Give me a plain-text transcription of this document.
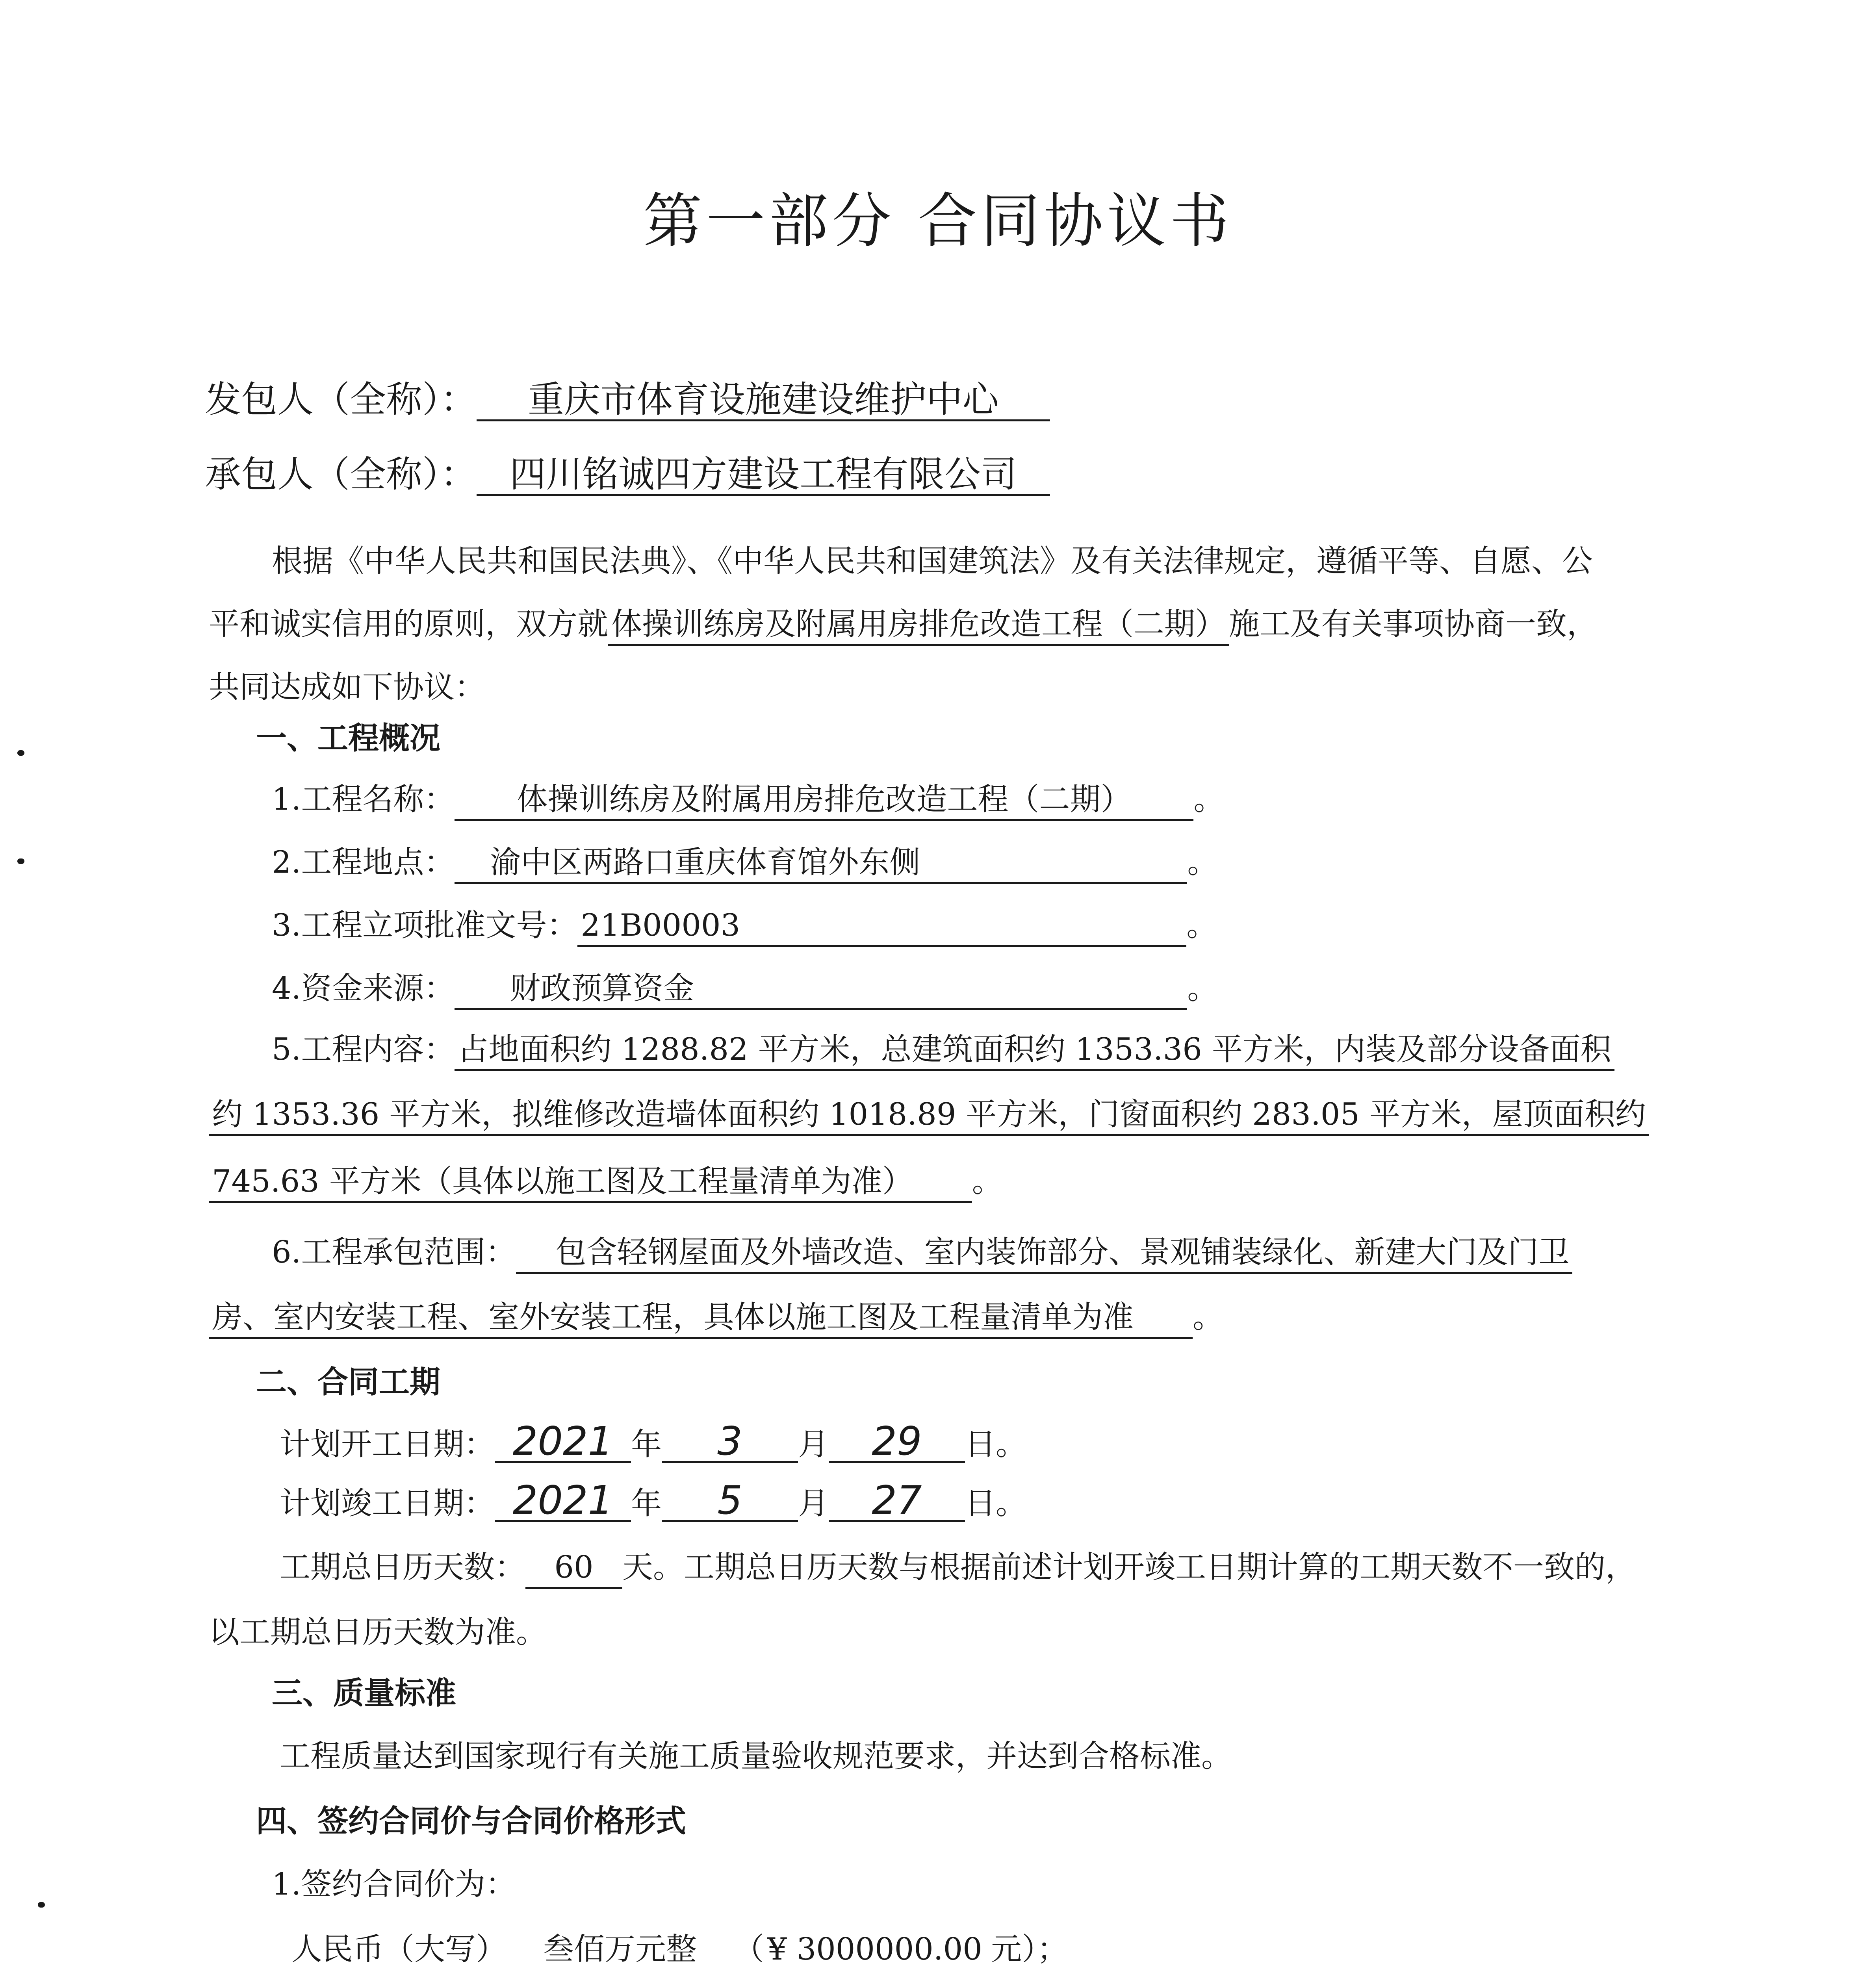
第一部分 合同协议书
发包人（全称）： 重庆市体育设施建设维护中心
承包人（全称）： 四川铭诚四方建设工程有限公司
根据《中华人民共和国民法典》、《中华人民共和国建筑法》及有关法律规定，遵循平等、自愿、公
平和诚实信用的原则，双方就 体操训练房及附属用房排危改造工程（二期） 施工及有关事项协商一致，
共同达成如下协议：
一、工程概况
1.工程名称： 体操训练房及附属用房排危改造工程（二期） 。
2.工程地点： 渝中区两路口重庆体育馆外东侧	。
3.工程立项批准文号： 21B00003	。
4.资金来源： 财政预算资金	。
5.工程内容： 占地面积约 1288.82 平方米，总建筑面积约 1353.36 平方米，内装及部分设备面积
约 1353.36 平方米，拟维修改造墙体面积约 1018.89 平方米，门窗面积约 283.05 平方米，屋顶面积约
745.63 平方米（具体以施工图及工程量清单为准） 。
6.工程承包范围： 包含轻钢屋面及外墙改造、室内装饰部分、景观铺装绿化、新建大门及门卫
房、室内安装工程、室外安装工程，具体以施工图及工程量清单为准 。
二、合同工期
计划开工日期： 2021 年 3 月 29 日。
计划竣工日期： 2021 年 5 月 27 日。
工期总日历天数： 60 天。工期总日历天数与根据前述计划开竣工日期计算的工期天数不一致的，
以工期总日历天数为准。
三、质量标准
工程质量达到国家现行有关施工质量验收规范要求，并达到合格标准。
四、签约合同价与合同价格形式
1.签约合同价为：
人民币（大写） 叁佰万元整 （ ¥ 3000000.00 元）；
